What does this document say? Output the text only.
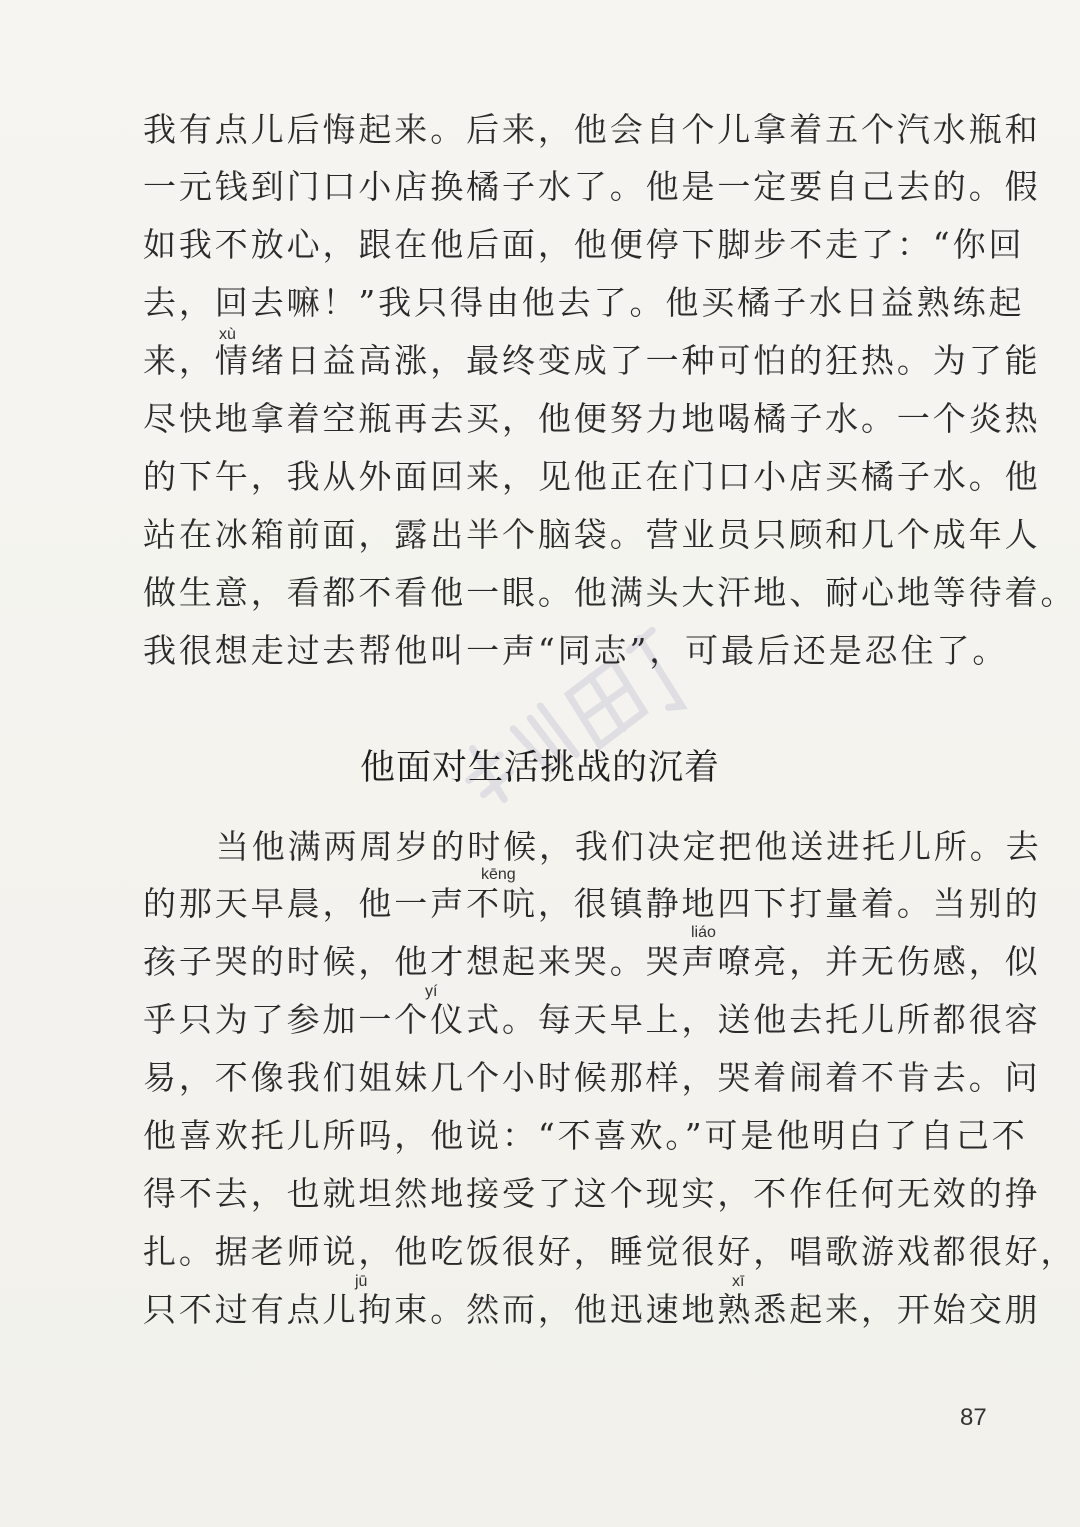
我有点儿后悔起来。后来，他会自个儿拿着五个汽水瓶和
一元钱到门口小店换橘子水了。他是一定要自己去的。假
如我不放心，跟在他后面，他便停下脚步不走了：“你回
去，回去嘛！”我只得由他去了。他买橘子水日益熟练起
xù
来，情绪日益高涨，最终变成了一种可怕的狂热。为了能
尽快地拿着空瓶再去买，他便努力地喝橘子水。一个炎热
的下午，我从外面回来，见他正在门口小店买橘子水。他
站在冰箱前面，露出半个脑袋。营业员只顾和几个成年人
做生意，看都不看他一眼。他满头大汗地、耐心地等待着。
我很想走过去帮他叫一声“同志”，可最后还是忍住了。
他面对生活挑战的沉着
　当他满两周岁的时候，我们决定把他送进托儿所。去
kēng
的那天早晨，他一声不吭，很镇静地四下打量着。当别的
liáo
孩子哭的时候，他才想起来哭。哭声嘹亮，并无伤感，似
yí
乎只为了参加一个仪式。每天早上，送他去托儿所都很容
易，不像我们姐妹几个小时候那样，哭着闹着不肯去。问
他喜欢托儿所吗，他说：“不喜欢。”可是他明白了自己不
得不去，也就坦然地接受了这个现实，不作任何无效的挣
扎。据老师说，他吃饭很好，睡觉很好，唱歌游戏都很好，
jū	xī
只不过有点儿拘束。然而，他迅速地熟悉起来，开始交朋
87
